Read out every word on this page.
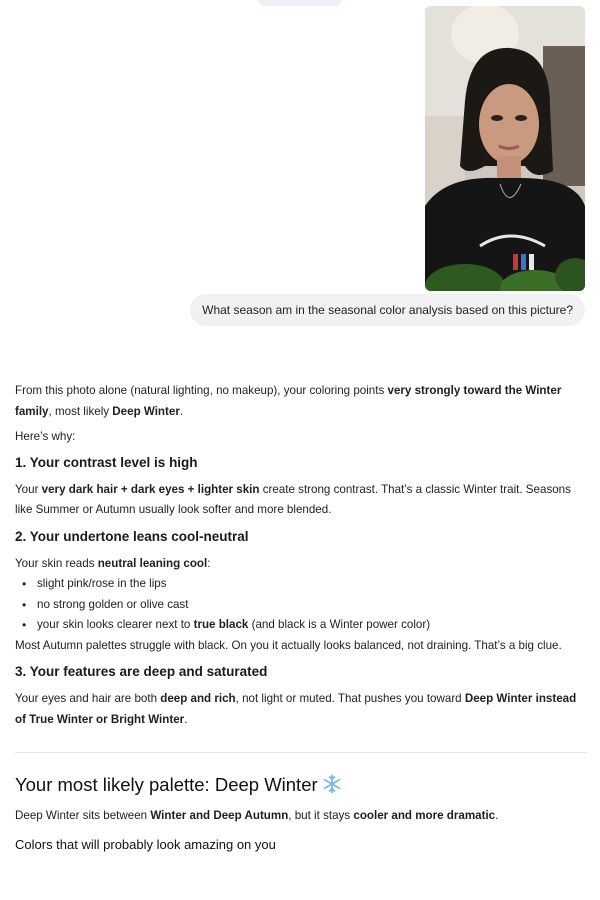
What season am in the seasonal color analysis based on this picture?

From this photo alone (natural lighting, no makeup), your coloring points very strongly toward the Winter family, most likely Deep Winter.

Here’s why:

1. Your contrast level is high

Your very dark hair + dark eyes + lighter skin create strong contrast. That’s a classic Winter trait. Seasons like Summer or Autumn usually look softer and more blended.

2. Your undertone leans cool-neutral

Your skin reads neutral leaning cool:

• slight pink/rose in the lips
• no strong golden or olive cast
• your skin looks clearer next to true black (and black is a Winter power color)

Most Autumn palettes struggle with black. On you it actually looks balanced, not draining. That’s a big clue.

3. Your features are deep and saturated

Your eyes and hair are both deep and rich, not light or muted. That pushes you toward Deep Winter instead of True Winter or Bright Winter.

Your most likely palette: Deep Winter

Deep Winter sits between Winter and Deep Autumn, but it stays cooler and more dramatic.

Colors that will probably look amazing on you
